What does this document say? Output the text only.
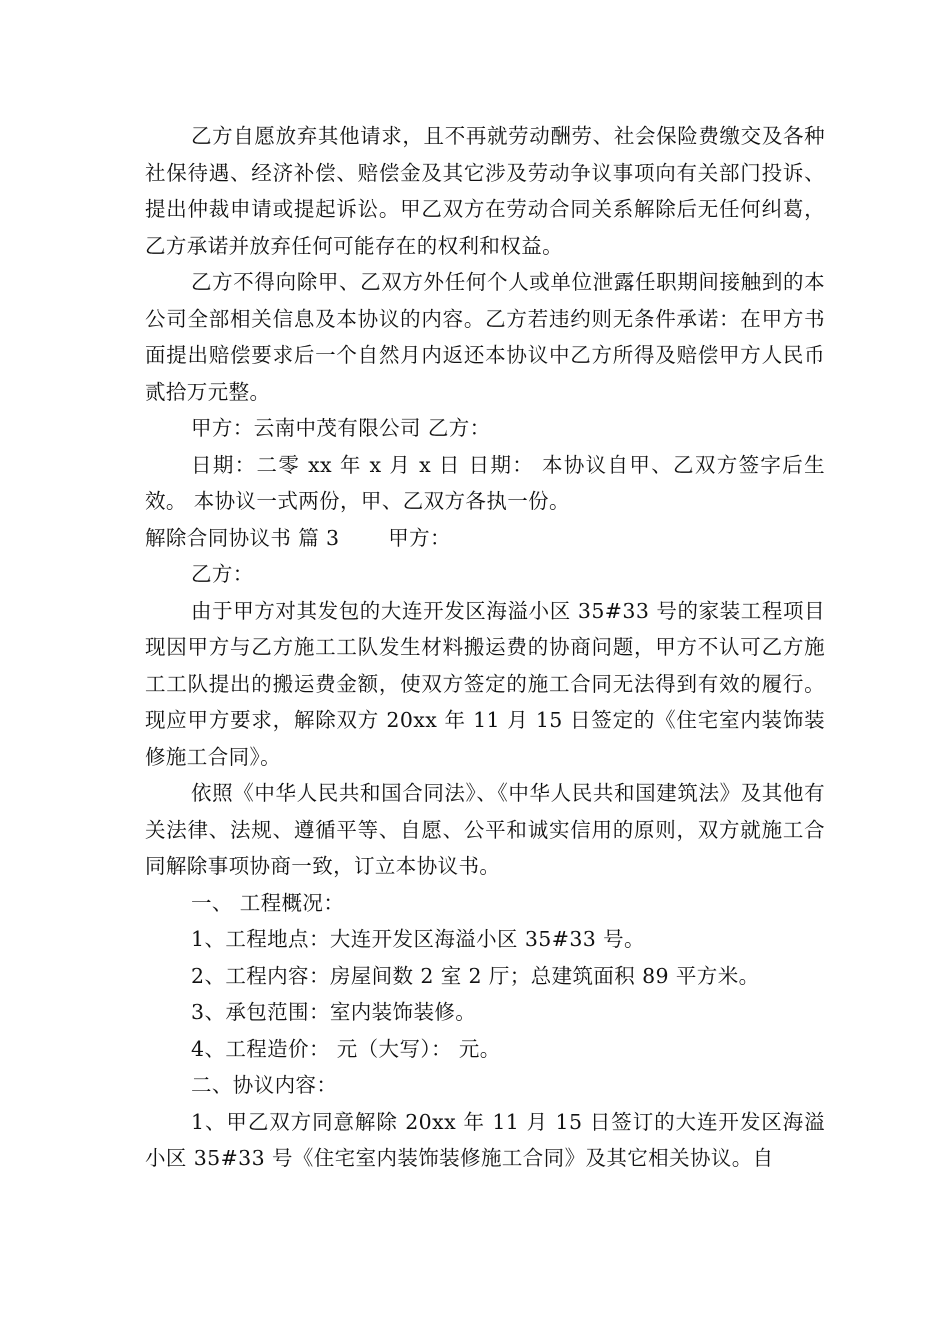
乙方自愿放弃其他请求，且不再就劳动酬劳、社会保险费缴交及各种社保待遇、经济补偿、赔偿金及其它涉及劳动争议事项向有关部门投诉、提出仲裁申请或提起诉讼。甲乙双方在劳动合同关系解除后无任何纠葛，乙方承诺并放弃任何可能存在的权利和权益。

乙方不得向除甲、乙双方外任何个人或单位泄露任职期间接触到的本公司全部相关信息及本协议的内容。乙方若违约则无条件承诺：在甲方书面提出赔偿要求后一个自然月内返还本协议中乙方所得及赔偿甲方人民币贰拾万元整。

甲方：云南中茂有限公司 乙方：

日期：二零 xx 年 x 月 x 日 日期： 本协议自甲、乙双方签字后生效。 本协议一式两份，甲、乙双方各执一份。

解除合同协议书 篇 3 　　甲方：

乙方：

由于甲方对其发包的大连开发区海溢小区 35#33 号的家装工程项目现因甲方与乙方施工工队发生材料搬运费的协商问题，甲方不认可乙方施工工队提出的搬运费金额，使双方签定的施工合同无法得到有效的履行。现应甲方要求，解除双方 20xx 年 11 月 15 日签定的《住宅室内装饰装修施工合同》。

依照《中华人民共和国合同法》、《中华人民共和国建筑法》及其他有关法律、法规、遵循平等、自愿、公平和诚实信用的原则，双方就施工合同解除事项协商一致，订立本协议书。

一、 工程概况：

1、工程地点：大连开发区海溢小区 35#33 号。

2、工程内容：房屋间数 2 室 2 厅；总建筑面积 89 平方米。

3、承包范围：室内装饰装修。

4、工程造价： 元（大写）： 元。

二、协议内容：

1、甲乙双方同意解除 20xx 年 11 月 15 日签订的大连开发区海溢小区 35#33 号《住宅室内装饰装修施工合同》及其它相关协议。自
